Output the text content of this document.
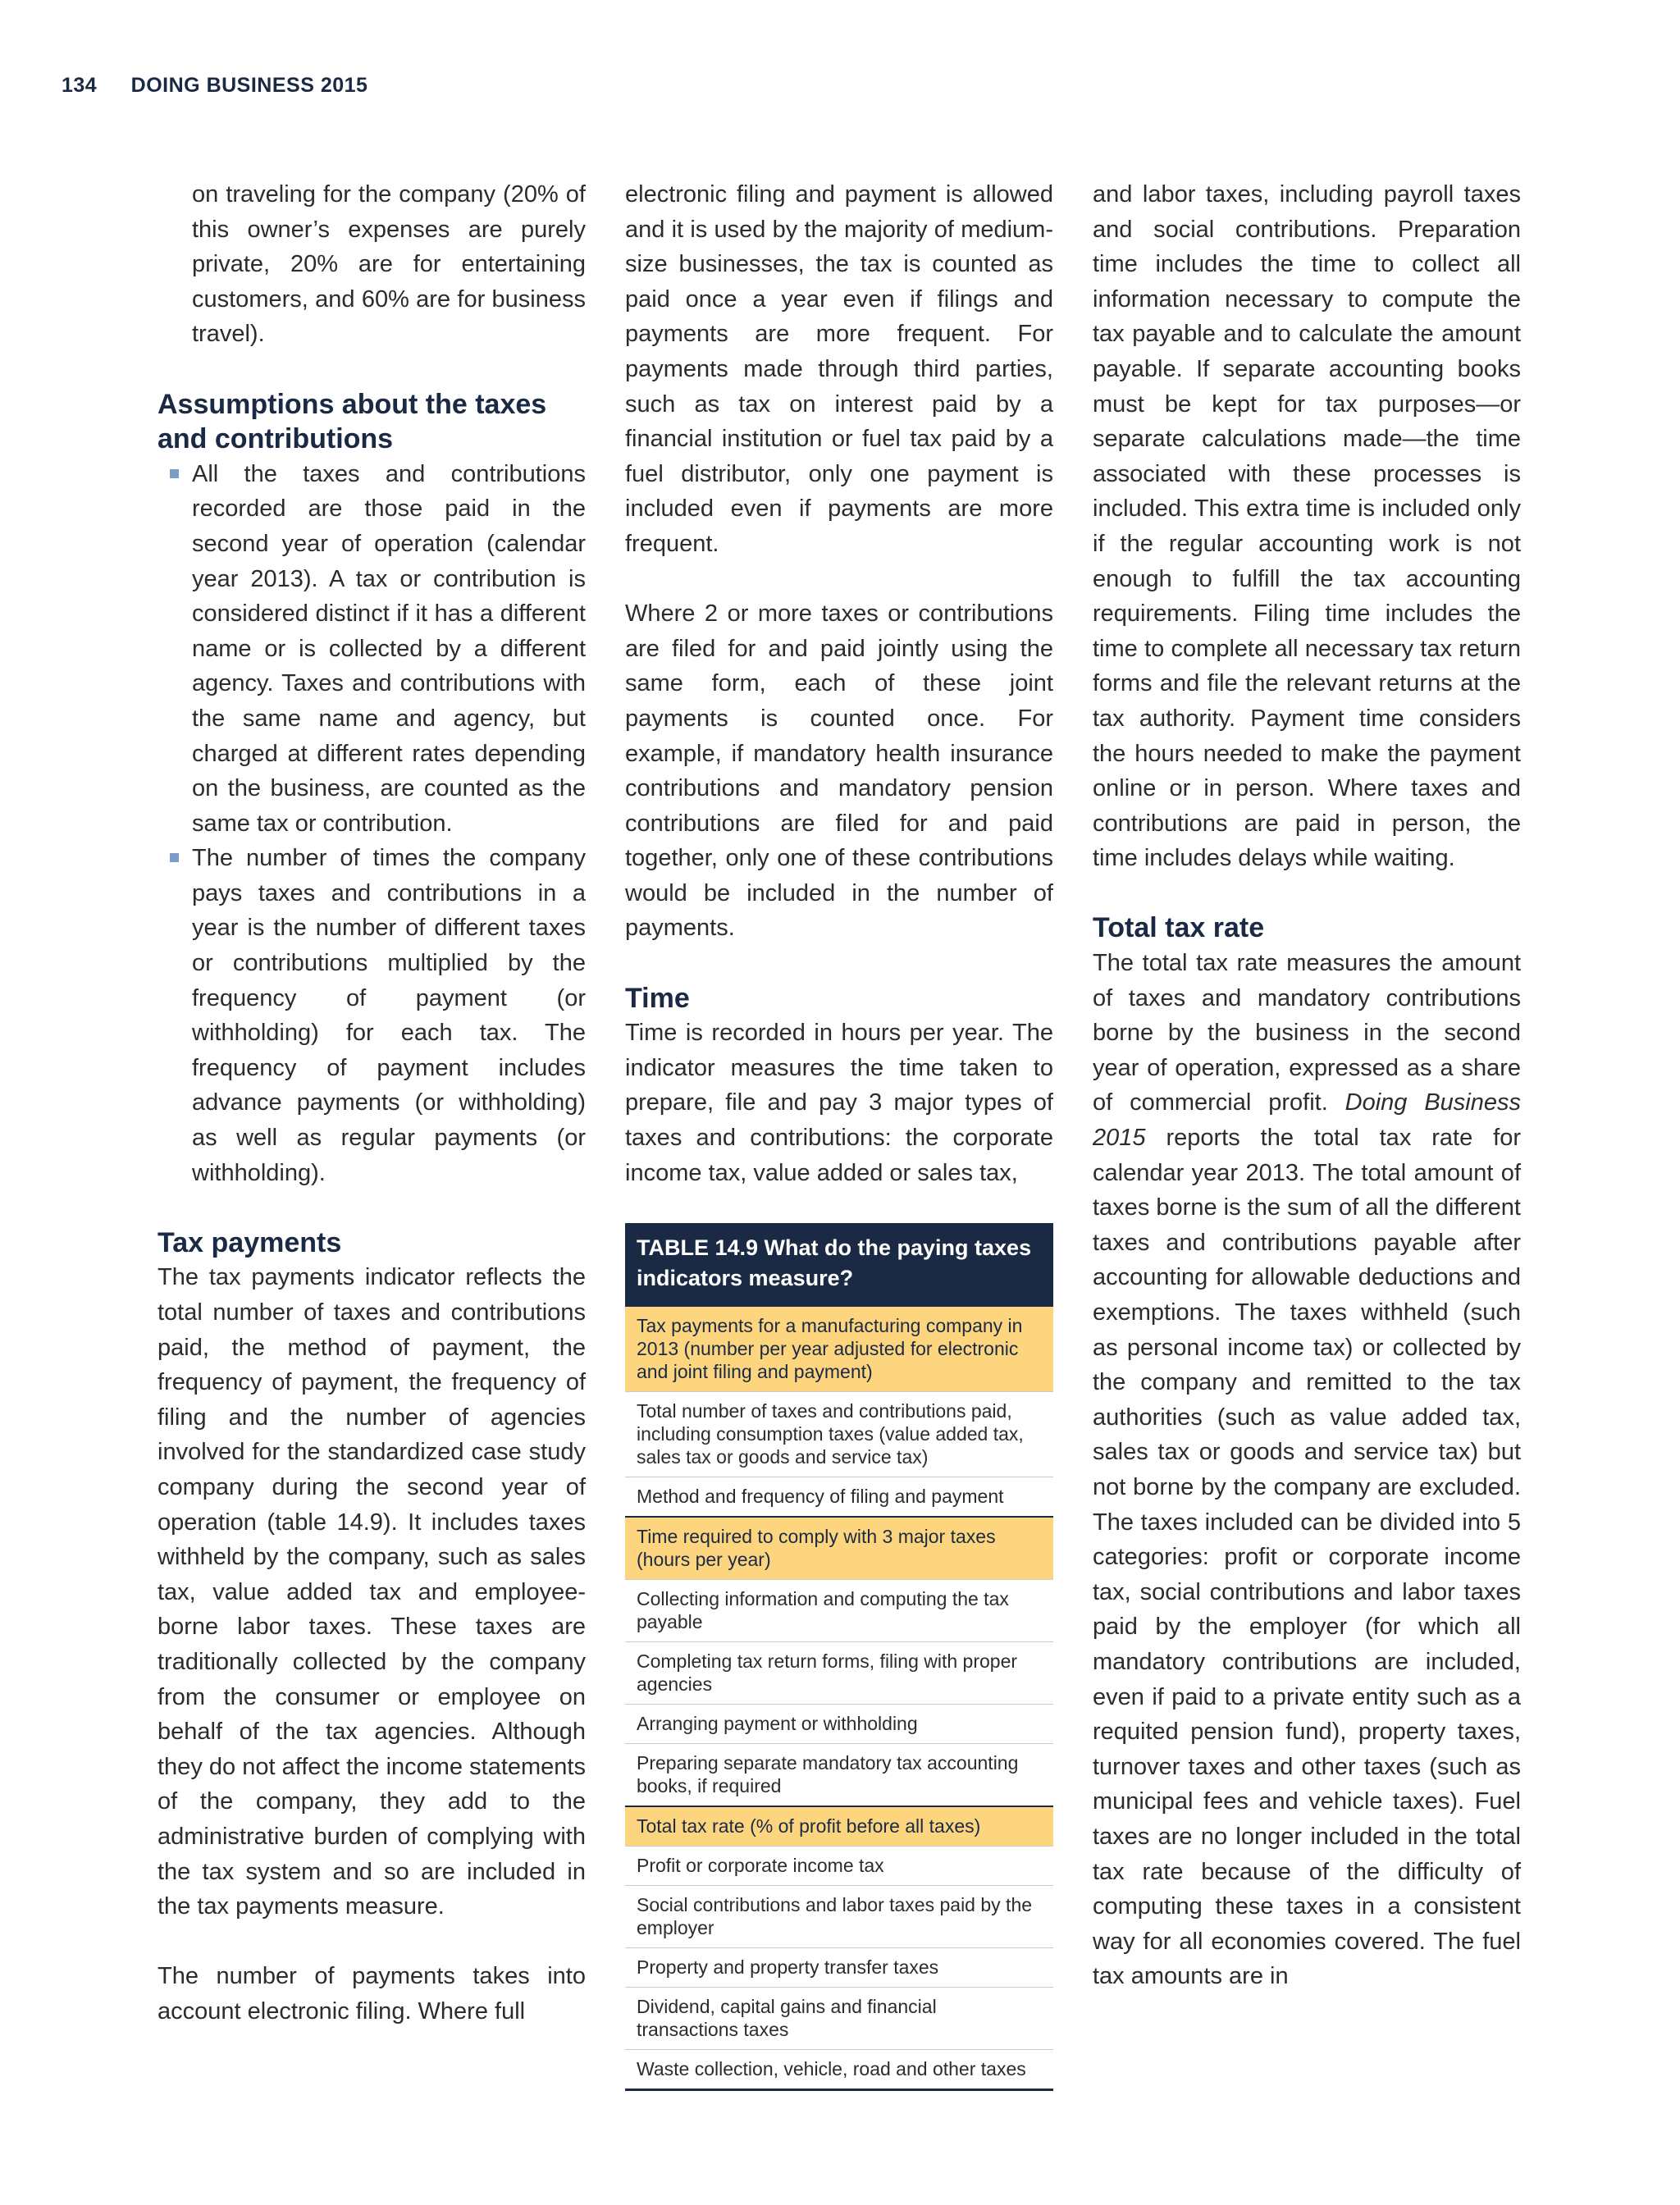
134 DOING BUSINESS 2015

on traveling for the company (20% of this owner’s expenses are purely private, 20% are for entertaining customers, and 60% are for business travel).

Assumptions about the taxes and contributions

All the taxes and contributions recorded are those paid in the second year of operation (calendar year 2013). A tax or contribution is considered distinct if it has a different name or is collected by a different agency. Taxes and contributions with the same name and agency, but charged at different rates depending on the business, are counted as the same tax or contribution.

The number of times the company pays taxes and contributions in a year is the number of different taxes or contributions multiplied by the frequency of payment (or withholding) for each tax. The frequency of payment includes advance payments (or withholding) as well as regular payments (or withholding).

Tax payments

The tax payments indicator reflects the total number of taxes and contributions paid, the method of payment, the frequency of payment, the frequency of filing and the number of agencies involved for the standardized case study company during the second year of operation (table 14.9). It includes taxes withheld by the company, such as sales tax, value added tax and employee-borne labor taxes. These taxes are traditionally collected by the company from the consumer or employee on behalf of the tax agencies. Although they do not affect the income statements of the company, they add to the administrative burden of complying with the tax system and so are included in the tax payments measure.

The number of payments takes into account electronic filing. Where full

electronic filing and payment is allowed and it is used by the majority of medium-size businesses, the tax is counted as paid once a year even if filings and payments are more frequent. For payments made through third parties, such as tax on interest paid by a financial institution or fuel tax paid by a fuel distributor, only one payment is included even if payments are more frequent.

Where 2 or more taxes or contributions are filed for and paid jointly using the same form, each of these joint payments is counted once. For example, if mandatory health insurance contributions and mandatory pension contributions are filed for and paid together, only one of these contributions would be included in the number of payments.

Time

Time is recorded in hours per year. The indicator measures the time taken to prepare, file and pay 3 major types of taxes and contributions: the corporate income tax, value added or sales tax,

TABLE 14.9 What do the paying taxes indicators measure?
Tax payments for a manufacturing company in 2013 (number per year adjusted for electronic and joint filing and payment)
Total number of taxes and contributions paid, including consumption taxes (value added tax, sales tax or goods and service tax)
Method and frequency of filing and payment
Time required to comply with 3 major taxes (hours per year)
Collecting information and computing the tax payable
Completing tax return forms, filing with proper agencies
Arranging payment or withholding
Preparing separate mandatory tax accounting books, if required
Total tax rate (% of profit before all taxes)
Profit or corporate income tax
Social contributions and labor taxes paid by the employer
Property and property transfer taxes
Dividend, capital gains and financial transactions taxes
Waste collection, vehicle, road and other taxes

and labor taxes, including payroll taxes and social contributions. Preparation time includes the time to collect all information necessary to compute the tax payable and to calculate the amount payable. If separate accounting books must be kept for tax purposes—or separate calculations made—the time associated with these processes is included. This extra time is included only if the regular accounting work is not enough to fulfill the tax accounting requirements. Filing time includes the time to complete all necessary tax return forms and file the relevant returns at the tax authority. Payment time considers the hours needed to make the payment online or in person. Where taxes and contributions are paid in person, the time includes delays while waiting.

Total tax rate

The total tax rate measures the amount of taxes and mandatory contributions borne by the business in the second year of operation, expressed as a share of commercial profit. Doing Business 2015 reports the total tax rate for calendar year 2013. The total amount of taxes borne is the sum of all the different taxes and contributions payable after accounting for allowable deductions and exemptions. The taxes withheld (such as personal income tax) or collected by the company and remitted to the tax authorities (such as value added tax, sales tax or goods and service tax) but not borne by the company are excluded. The taxes included can be divided into 5 categories: profit or corporate income tax, social contributions and labor taxes paid by the employer (for which all mandatory contributions are included, even if paid to a private entity such as a requited pension fund), property taxes, turnover taxes and other taxes (such as municipal fees and vehicle taxes). Fuel taxes are no longer included in the total tax rate because of the difficulty of computing these taxes in a consistent way for all economies covered. The fuel tax amounts are in
